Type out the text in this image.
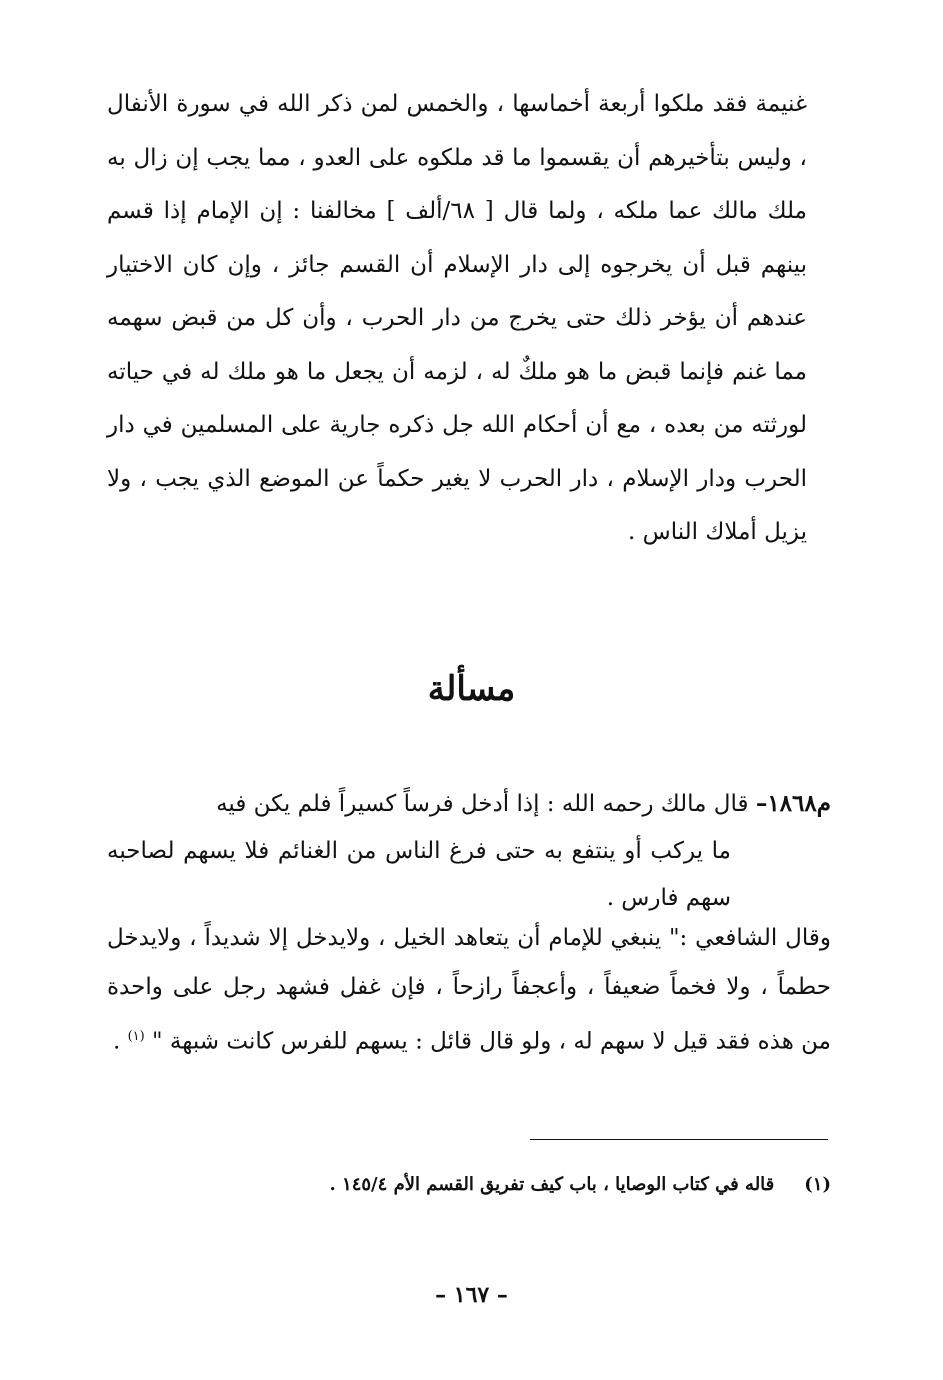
غنيمة فقد ملكوا أربعة أخماسها ، والخمس لمن ذكر الله في سورة الأنفال ، وليس بتأخيرهم أن يقسموا ما قد ملكوه على العدو ، مما يجب إن زال به ملك مالك عما ملكه ، ولما قال [ ٦٨/ألف ] مخالفنا : إن الإمام إذا قسم بينهم قبل أن يخرجوه إلى دار الإسلام أن القسم جائز ، وإن كان الاختيار عندهم أن يؤخر ذلك حتى يخرج من دار الحرب ، وأن كل من قبض سهمه مما غنم فإنما قبض ما هو ملكٌ له ، لزمه أن يجعل ما هو ملك له في حياته لورثته من بعده ، مع أن أحكام الله جل ذكره جارية على المسلمين في دار الحرب ودار الإسلام ، دار الحرب لا يغير حكماً عن الموضع الذي يجب ، ولا يزيل أملاك الناس .

مسألة

م١٨٦٨– قال مالك رحمه الله : إذا أدخل فرساً كسيراً فلم يكن فيه

ما يركب أو ينتفع به حتى فرغ الناس من الغنائم فلا يسهم لصاحبه سهم فارس .

وقال الشافعي :" ينبغي للإمام أن يتعاهد الخيل ، ولايدخل إلا شديداً ، ولايدخل حطماً ، ولا فخماً ضعيفاً ، وأعجفاً رازحاً ، فإن غفل فشهد رجل على واحدة من هذه فقد قيل لا سهم له ، ولو قال قائل : يسهم للفرس كانت شبهة " $^{(١)}$ .

(١)قاله في كتاب الوصايا ، باب كيف تفريق القسم الأم ١٤٥/٤ .

– ١٦٧ –
